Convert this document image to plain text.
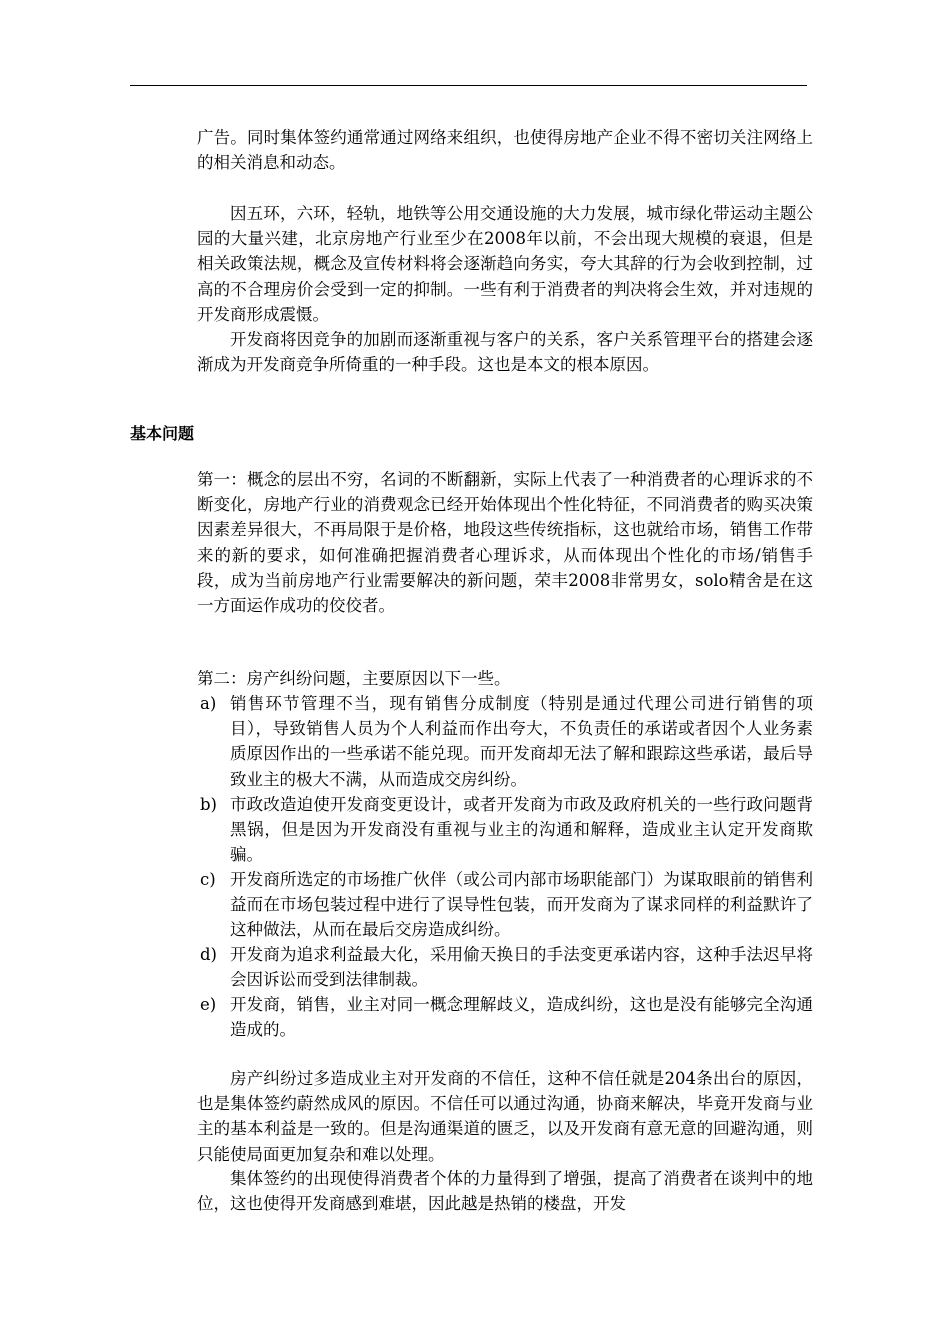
广告。同时集体签约通常通过网络来组织，也使得房地产企业不得不密切关注网络上的相关消息和动态。
因五环，六环，轻轨，地铁等公用交通设施的大力发展，城市绿化带运动主题公园的大量兴建，北京房地产行业至少在2008年以前，不会出现大规模的衰退，但是相关政策法规，概念及宣传材料将会逐渐趋向务实，夸大其辞的行为会收到控制，过高的不合理房价会受到一定的抑制。一些有利于消费者的判决将会生效，并对违规的开发商形成震慑。
开发商将因竞争的加剧而逐渐重视与客户的关系，客户关系管理平台的搭建会逐渐成为开发商竞争所倚重的一种手段。这也是本文的根本原因。
基本问题
第一：概念的层出不穷，名词的不断翻新，实际上代表了一种消费者的心理诉求的不断变化，房地产行业的消费观念已经开始体现出个性化特征，不同消费者的购买决策因素差异很大，不再局限于是价格，地段这些传统指标，这也就给市场，销售工作带来的新的要求，如何准确把握消费者心理诉求，从而体现出个性化的市场/销售手段，成为当前房地产行业需要解决的新问题，荣丰2008非常男女，solo精舍是在这一方面运作成功的佼佼者。
第二：房产纠纷问题，主要原因以下一些。
a) 销售环节管理不当，现有销售分成制度（特别是通过代理公司进行销售的项目），导致销售人员为个人利益而作出夸大，不负责任的承诺或者因个人业务素质原因作出的一些承诺不能兑现。而开发商却无法了解和跟踪这些承诺，最后导致业主的极大不满，从而造成交房纠纷。
b) 市政改造迫使开发商变更设计，或者开发商为市政及政府机关的一些行政问题背黑锅，但是因为开发商没有重视与业主的沟通和解释，造成业主认定开发商欺骗。
c) 开发商所选定的市场推广伙伴（或公司内部市场职能部门）为谋取眼前的销售利益而在市场包装过程中进行了误导性包装，而开发商为了谋求同样的利益默许了这种做法，从而在最后交房造成纠纷。
d) 开发商为追求利益最大化，采用偷天换日的手法变更承诺内容，这种手法迟早将会因诉讼而受到法律制裁。
e) 开发商，销售，业主对同一概念理解歧义，造成纠纷，这也是没有能够完全沟通造成的。
房产纠纷过多造成业主对开发商的不信任，这种不信任就是204条出台的原因，也是集体签约蔚然成风的原因。不信任可以通过沟通，协商来解决，毕竟开发商与业主的基本利益是一致的。但是沟通渠道的匮乏，以及开发商有意无意的回避沟通，则只能使局面更加复杂和难以处理。
集体签约的出现使得消费者个体的力量得到了增强，提高了消费者在谈判中的地位，这也使得开发商感到难堪，因此越是热销的楼盘，开发
